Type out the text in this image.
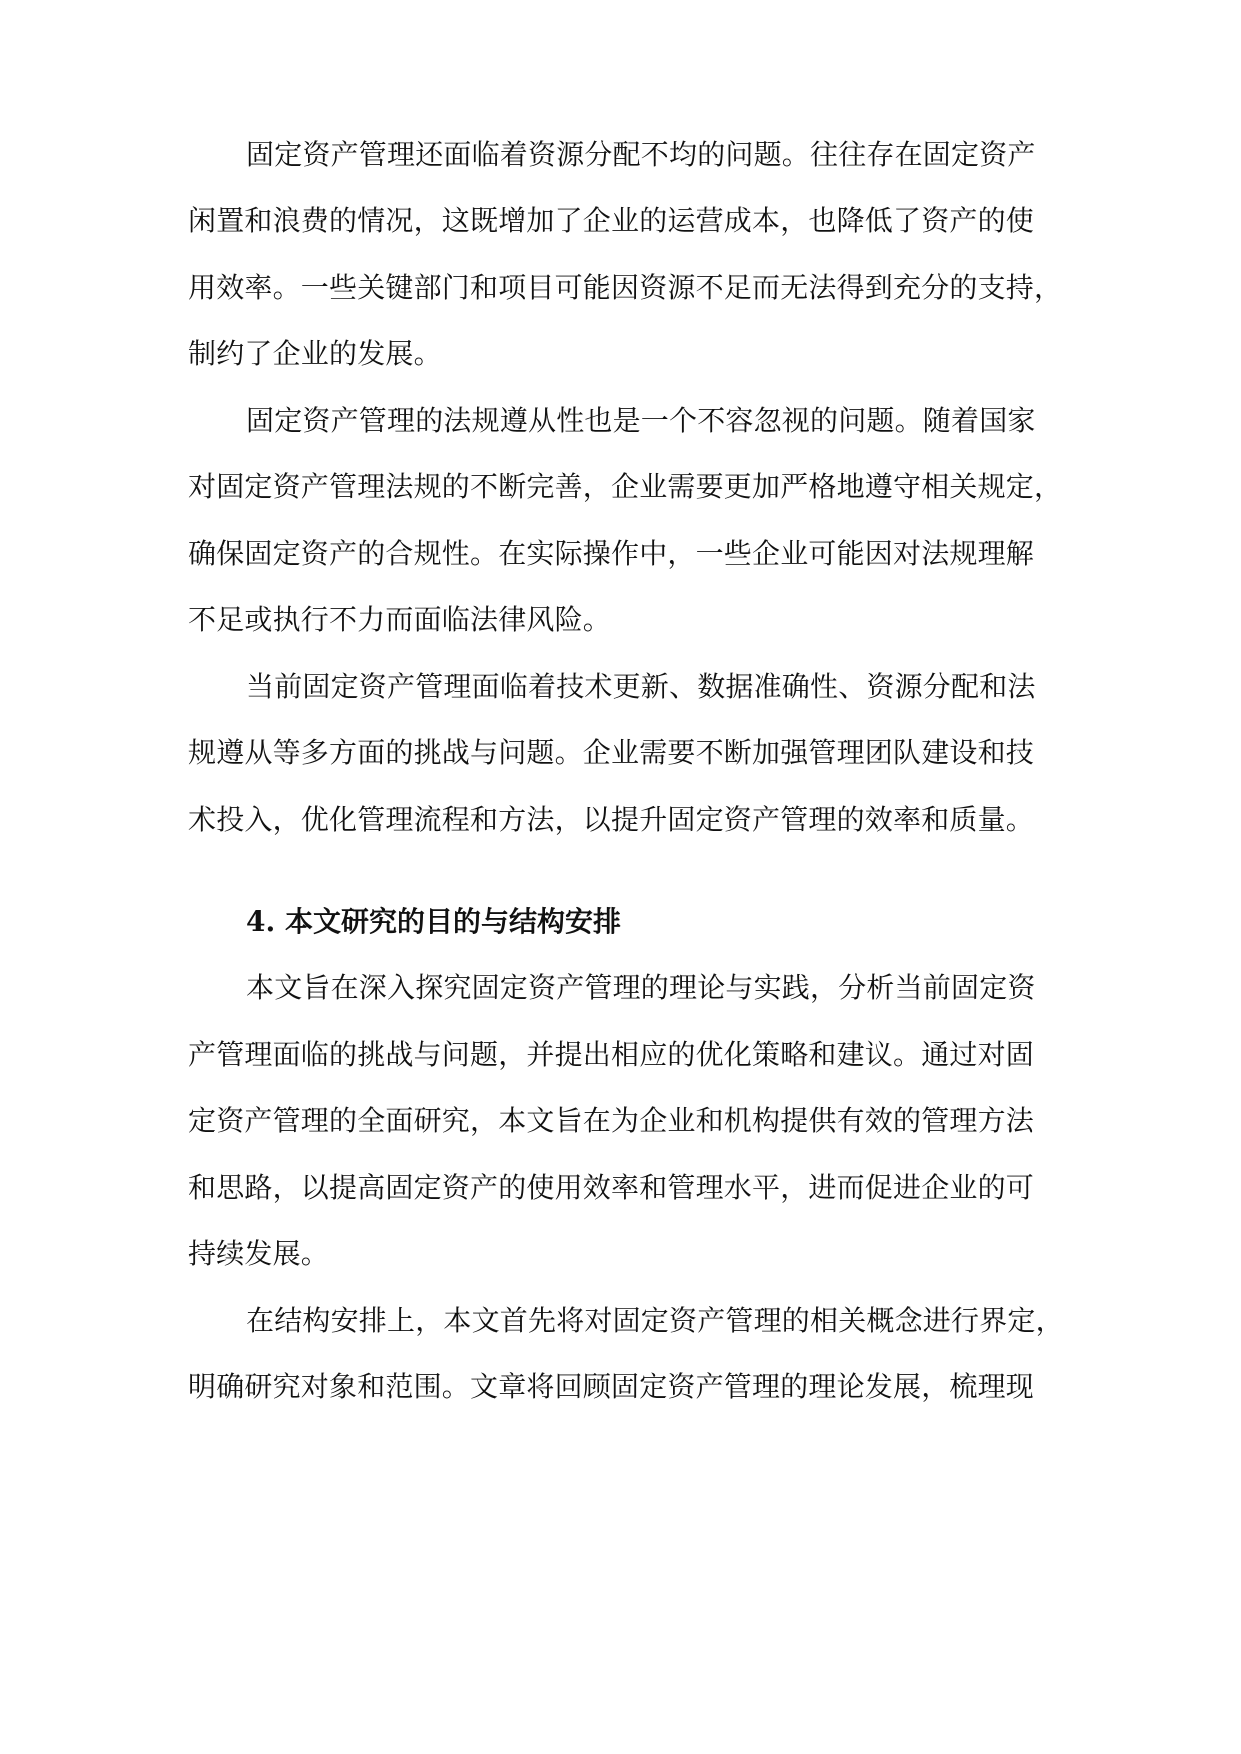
固定资产管理还面临着资源分配不均的问题。往往存在固定资产
闲置和浪费的情况，这既增加了企业的运营成本，也降低了资产的使
用效率。一些关键部门和项目可能因资源不足而无法得到充分的支持，
制约了企业的发展。
固定资产管理的法规遵从性也是一个不容忽视的问题。随着国家
对固定资产管理法规的不断完善，企业需要更加严格地遵守相关规定，
确保固定资产的合规性。在实际操作中，一些企业可能因对法规理解
不足或执行不力而面临法律风险。
当前固定资产管理面临着技术更新、数据准确性、资源分配和法
规遵从等多方面的挑战与问题。企业需要不断加强管理团队建设和技
术投入，优化管理流程和方法，以提升固定资产管理的效率和质量。
4. 本文研究的目的与结构安排
本文旨在深入探究固定资产管理的理论与实践，分析当前固定资
产管理面临的挑战与问题，并提出相应的优化策略和建议。通过对固
定资产管理的全面研究，本文旨在为企业和机构提供有效的管理方法
和思路，以提高固定资产的使用效率和管理水平，进而促进企业的可
持续发展。
在结构安排上，本文首先将对固定资产管理的相关概念进行界定，
明确研究对象和范围。文章将回顾固定资产管理的理论发展，梳理现
